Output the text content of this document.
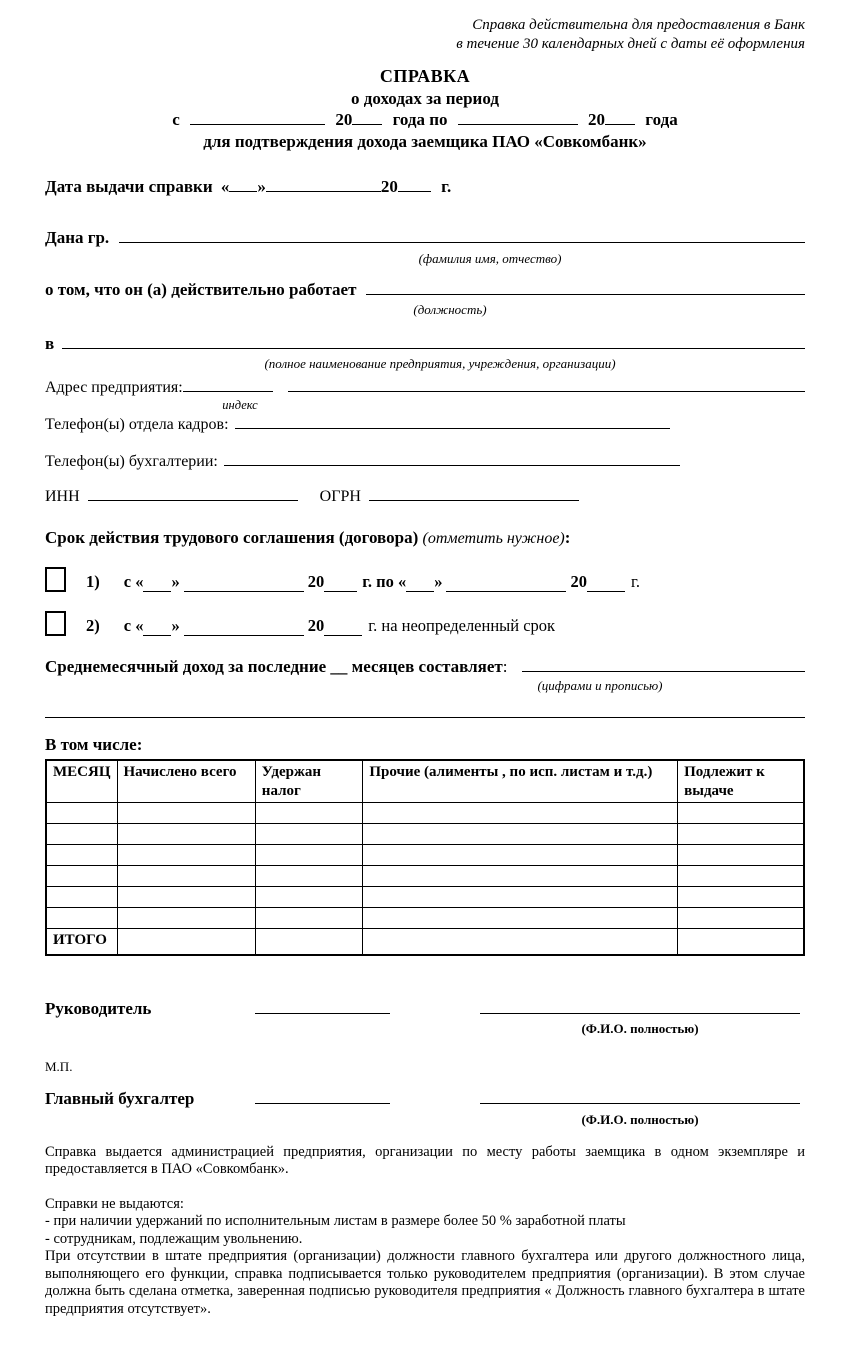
Справка действительна для предоставления в Банк
в течение 30 календарных дней с даты её оформления
СПРАВКА
о доходах за период
с	20 года по	20 года
для подтверждения дохода заемщика ПАО «Совкомбанк»
Дата выдачи справки « »	20	г.
Дана гр.
(фамилия имя, отчество)
о том, что он (а) действительно работает
(должность)
в
(полное наименование предприятия, учреждения, организации)
Адрес предприятия:
индекс
Телефон(ы) отдела кадров:
Телефон(ы) бухгалтерии:
ИНН	ОГРН
Срок действия трудового соглашения (договора) (отметить нужное):
1) с « »	20 г. по « »	20	г.
2) с « »	20	г. на неопределенный срок
Среднемесячный доход за последние __ месяцев составляет :
(цифрами и прописью)
В том числе:
МЕСЯЦ	Начислено всего	Удержан налог	Прочие (алименты , по исп. листам и т.д.)	Подлежит к выдаче

ИТОГО				
Руководитель
(Ф.И.О. полностью)
М.П.
Главный бухгалтер
(Ф.И.О. полностью)

Справка выдается администрацией предприятия, организации по месту работы заемщика в одном экземпляре и предоставляется в ПАО «Совкомбанк».

Справки не выдаются:

- при наличии удержаний по исполнительным листам в размере более 50 % заработной платы

- сотрудникам, подлежащим увольнению.

При отсутствии в штате предприятия (организации) должности главного бухгалтера или другого должностного лица, выполняющего его функции, справка подписывается только руководителем предприятия (организации). В этом случае должна быть сделана отметка, заверенная подписью руководителя предприятия « Должность главного бухгалтера в штате предприятия отсутствует».
